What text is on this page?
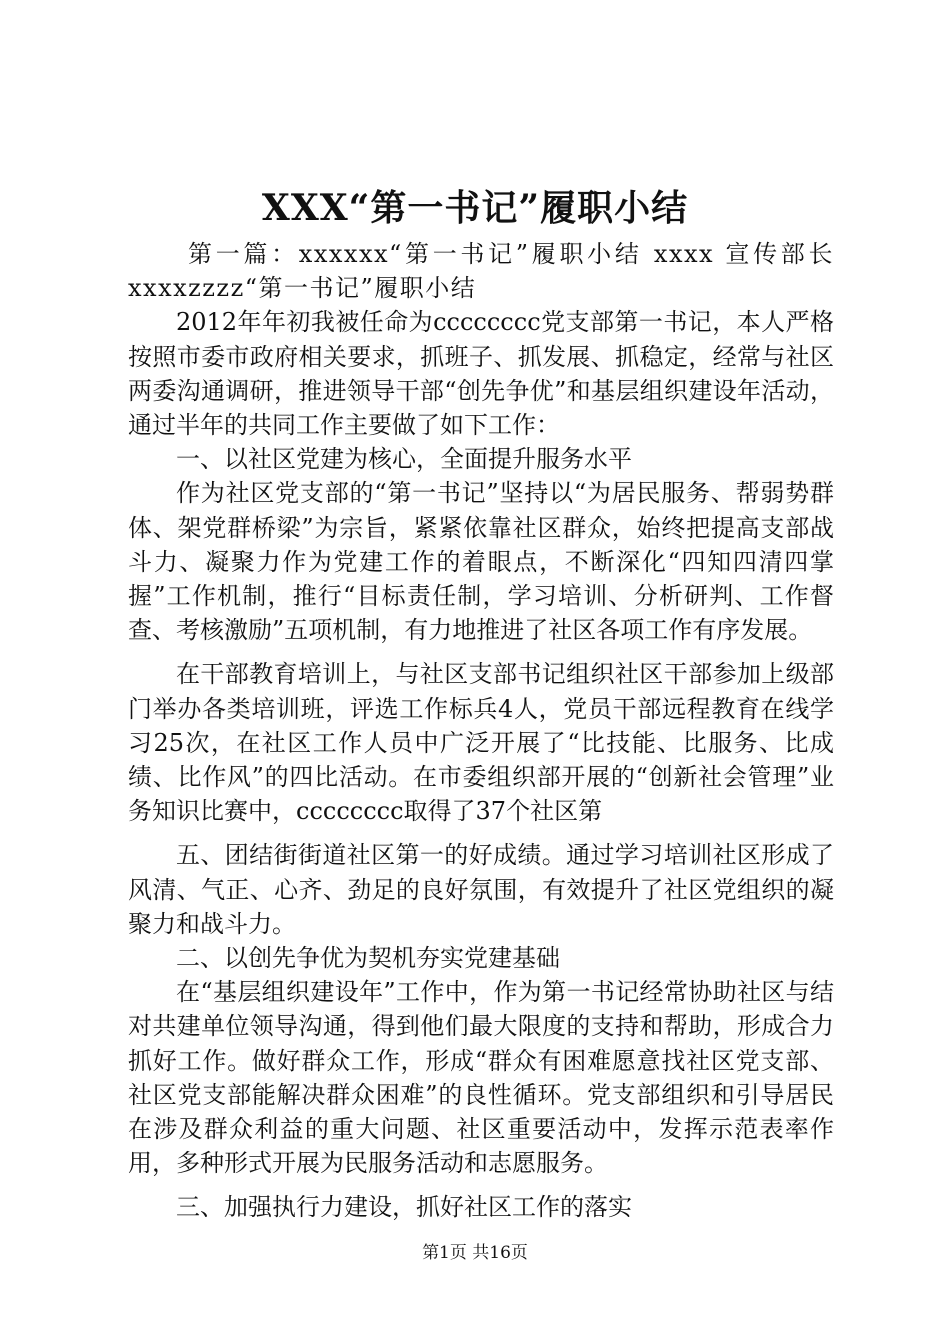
XXX“第一书记”履职小结

第一篇：xxxxxx“第一书记”履职小结 xxxx 宣传部长xxxxzzzz“第一书记”履职小结

2012年年初我被任命为cccccccc党支部第一书记，本人严格按照市委市政府相关要求，抓班子、抓发展、抓稳定，经常与社区两委沟通调研，推进领导干部“创先争优”和基层组织建设年活动，通过半年的共同工作主要做了如下工作：

一、以社区党建为核心，全面提升服务水平

作为社区党支部的“第一书记”坚持以“为居民服务、帮弱势群体、架党群桥梁”为宗旨，紧紧依靠社区群众，始终把提高支部战斗力、凝聚力作为党建工作的着眼点，不断深化“四知四清四掌握”工作机制，推行“目标责任制，学习培训、分析研判、工作督查、考核激励”五项机制，有力地推进了社区各项工作有序发展。

在干部教育培训上，与社区支部书记组织社区干部参加上级部门举办各类培训班，评选工作标兵4人，党员干部远程教育在线学习25次，在社区工作人员中广泛开展了“比技能、比服务、比成绩、比作风”的四比活动。在市委组织部开展的“创新社会管理”业务知识比赛中，cccccccc取得了37个社区第

五、团结街街道社区第一的好成绩。通过学习培训社区形成了风清、气正、心齐、劲足的良好氛围，有效提升了社区党组织的凝聚力和战斗力。

二、以创先争优为契机夯实党建基础

在“基层组织建设年”工作中，作为第一书记经常协助社区与结对共建单位领导沟通，得到他们最大限度的支持和帮助，形成合力抓好工作。做好群众工作，形成“群众有困难愿意找社区党支部、社区党支部能解决群众困难”的良性循环。党支部组织和引导居民在涉及群众利益的重大问题、社区重要活动中，发挥示范表率作用，多种形式开展为民服务活动和志愿服务。

三、加强执行力建设，抓好社区工作的落实

第1页 共16页
